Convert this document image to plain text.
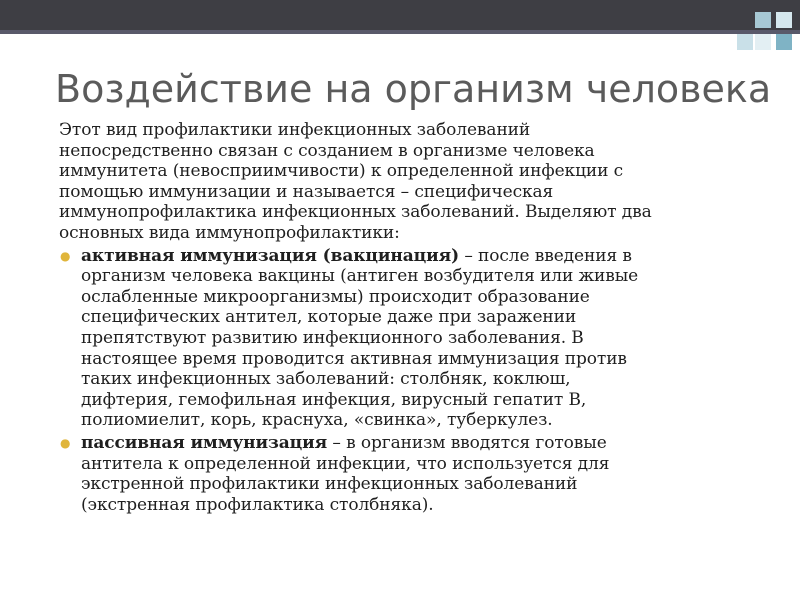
Воздействие на организм человека

Этот вид профилактики инфекционных заболеваний
непосредственно связан с созданием в организме человека
иммунитета (невосприимчивости) к определенной инфекции с
помощью иммунизации и называется – специфическая
иммунопрофилактика инфекционных заболеваний. Выделяют два
основных вида иммунопрофилактики:

● активная иммунизация (вакцинация) – после введения в
организм человека вакцины (антиген возбудителя или живые
ослабленные микроорганизмы) происходит образование
специфических антител, которые даже при заражении
препятствуют развитию инфекционного заболевания. В
настоящее время проводится активная иммунизация против
таких инфекционных заболеваний: столбняк, коклюш,
дифтерия, гемофильная инфекция, вирусный гепатит В,
полиомиелит, корь, краснуха, «свинка», туберкулез.
● пассивная иммунизация – в организм вводятся готовые
антитела к определенной инфекции, что используется для
экстренной профилактики инфекционных заболеваний
(экстренная профилактика столбняка).
